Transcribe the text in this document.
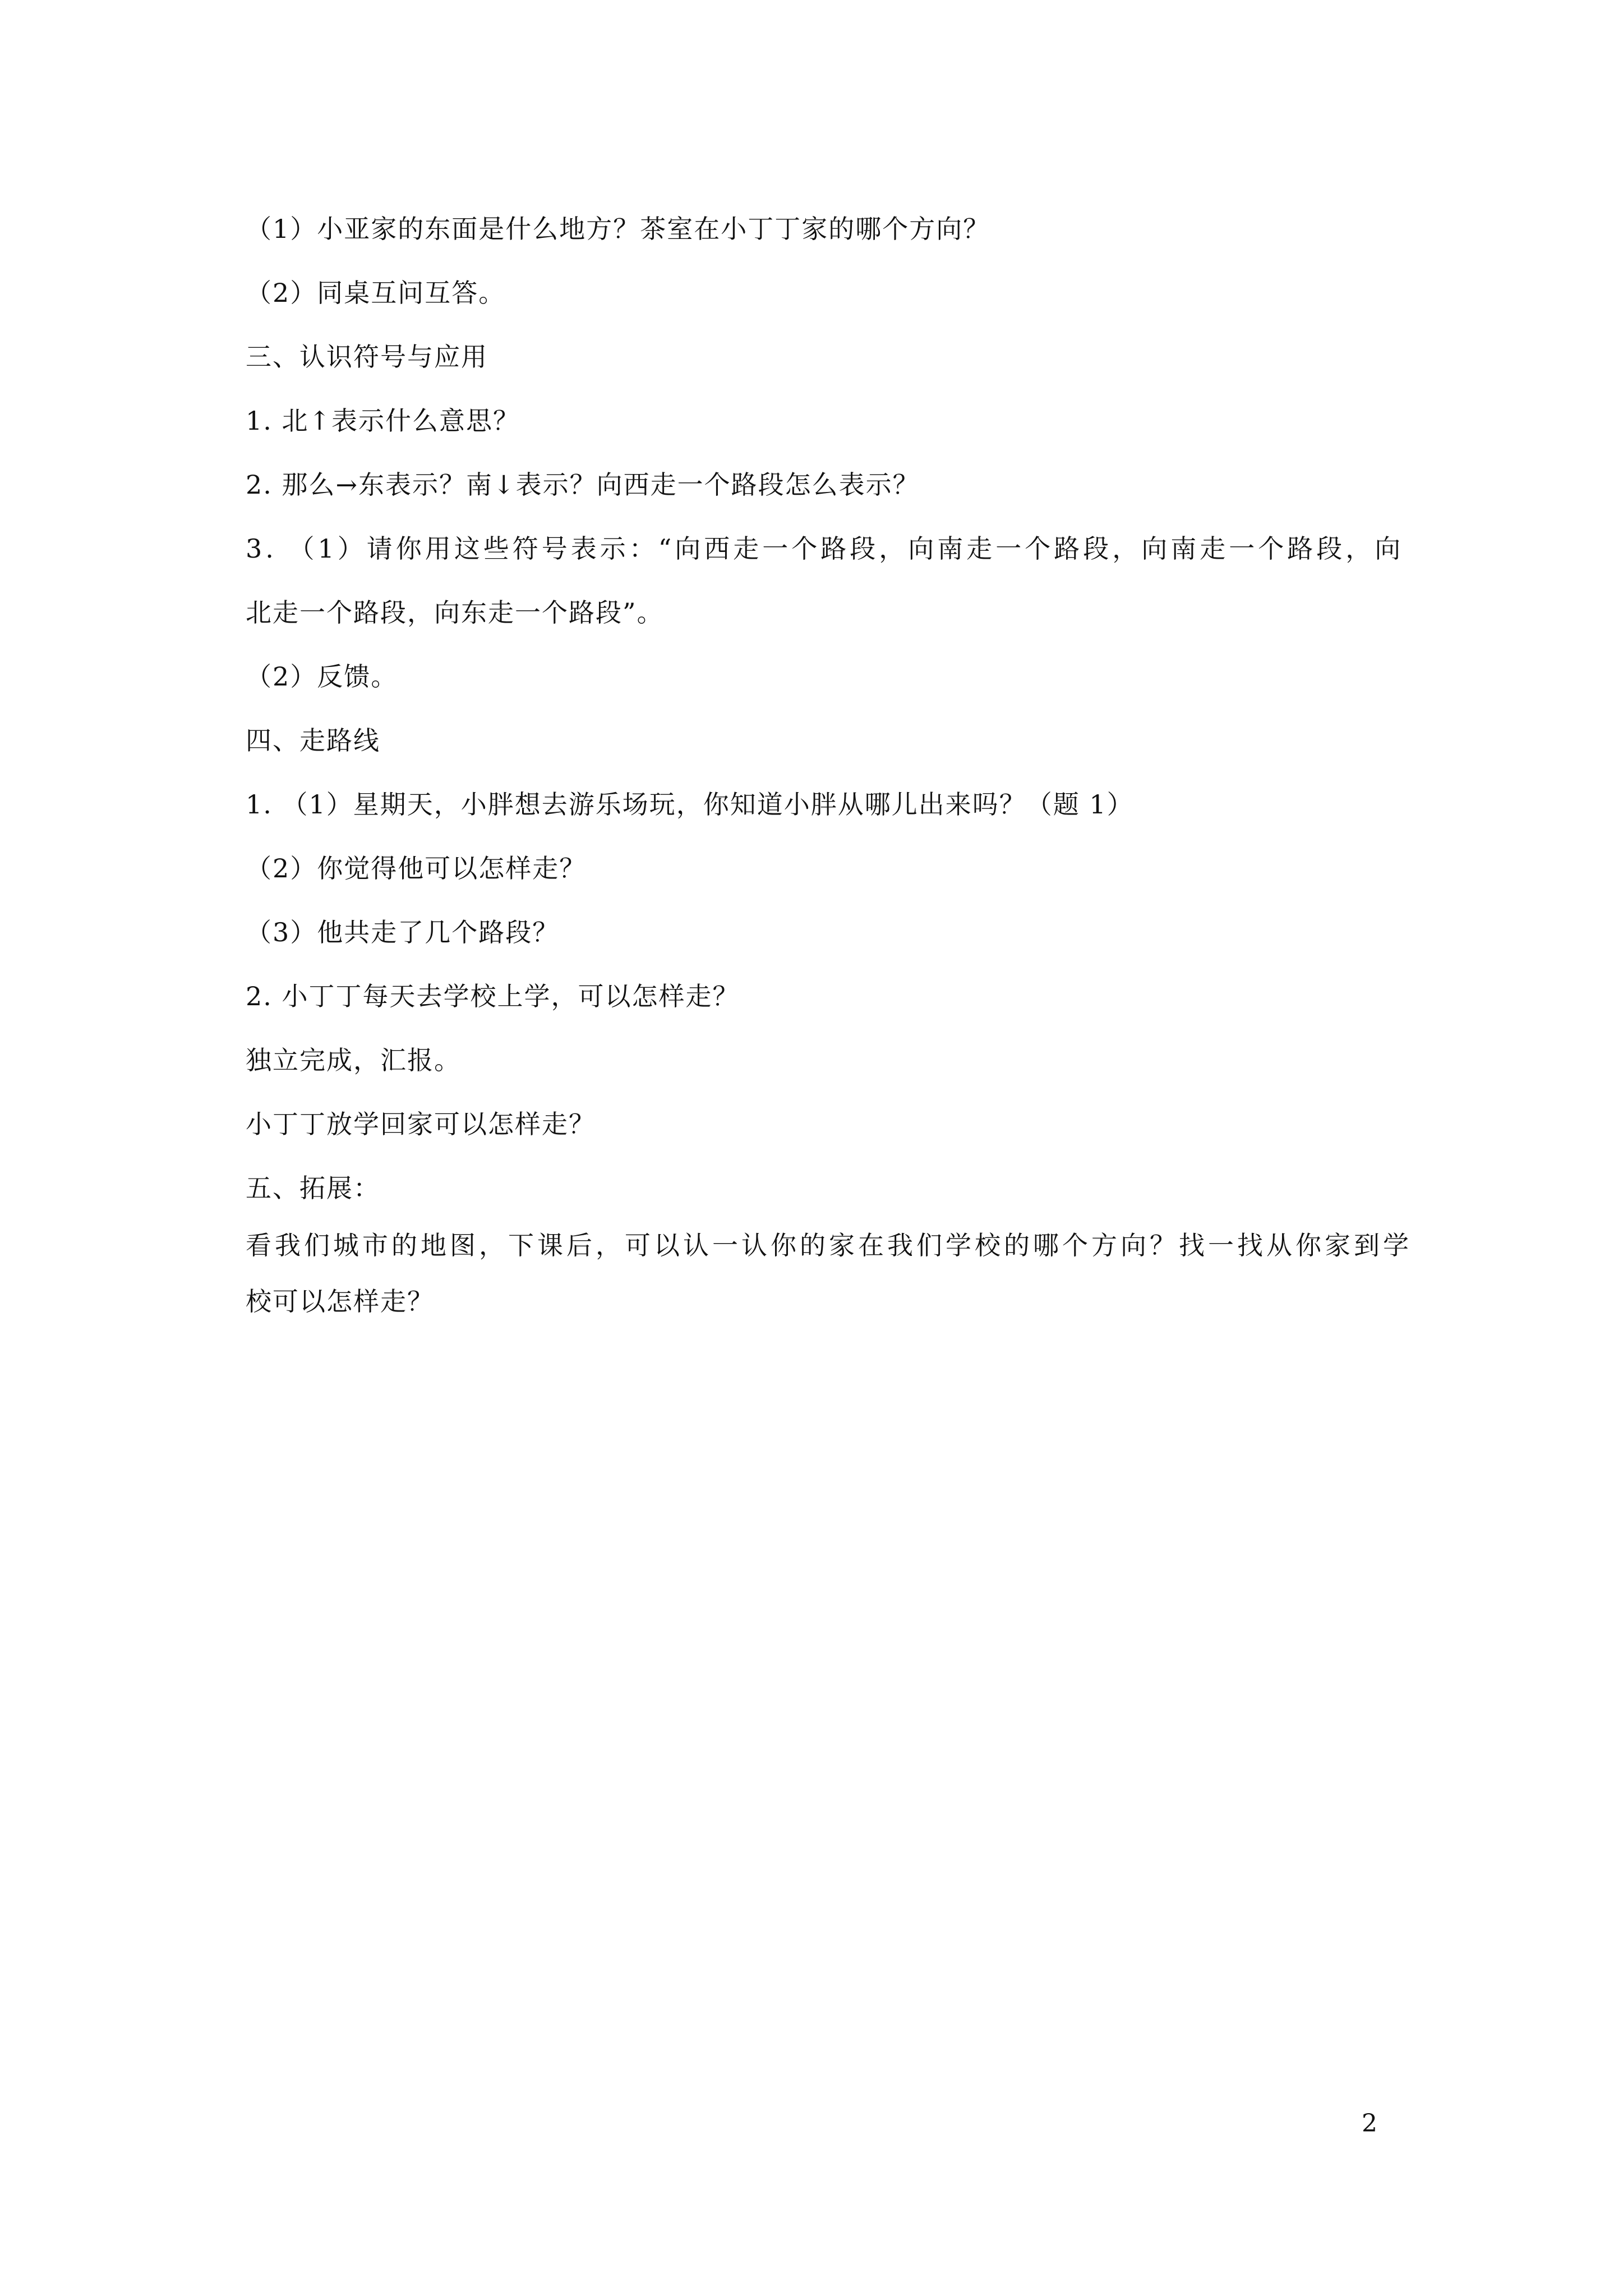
（1）小亚家的东面是什么地方？茶室在小丁丁家的哪个方向？
（2）同桌互问互答。
三、认识符号与应用
1. 北↑表示什么意思？
2. 那么→东表示？南↓表示？向西走一个路段怎么表示？
3. （1）请你用这些符号表示：“向西走一个路段，向南走一个路段，向南走一个路段，向
北走一个路段，向东走一个路段”。
（2）反馈。
四、走路线
1. （1）星期天，小胖想去游乐场玩，你知道小胖从哪儿出来吗？（题 1）
（2）你觉得他可以怎样走？
（3）他共走了几个路段？
2. 小丁丁每天去学校上学，可以怎样走？
独立完成，汇报。
小丁丁放学回家可以怎样走？
五、拓展：
看我们城市的地图，下课后，可以认一认你的家在我们学校的哪个方向？找一找从你家到学
校可以怎样走？
2
